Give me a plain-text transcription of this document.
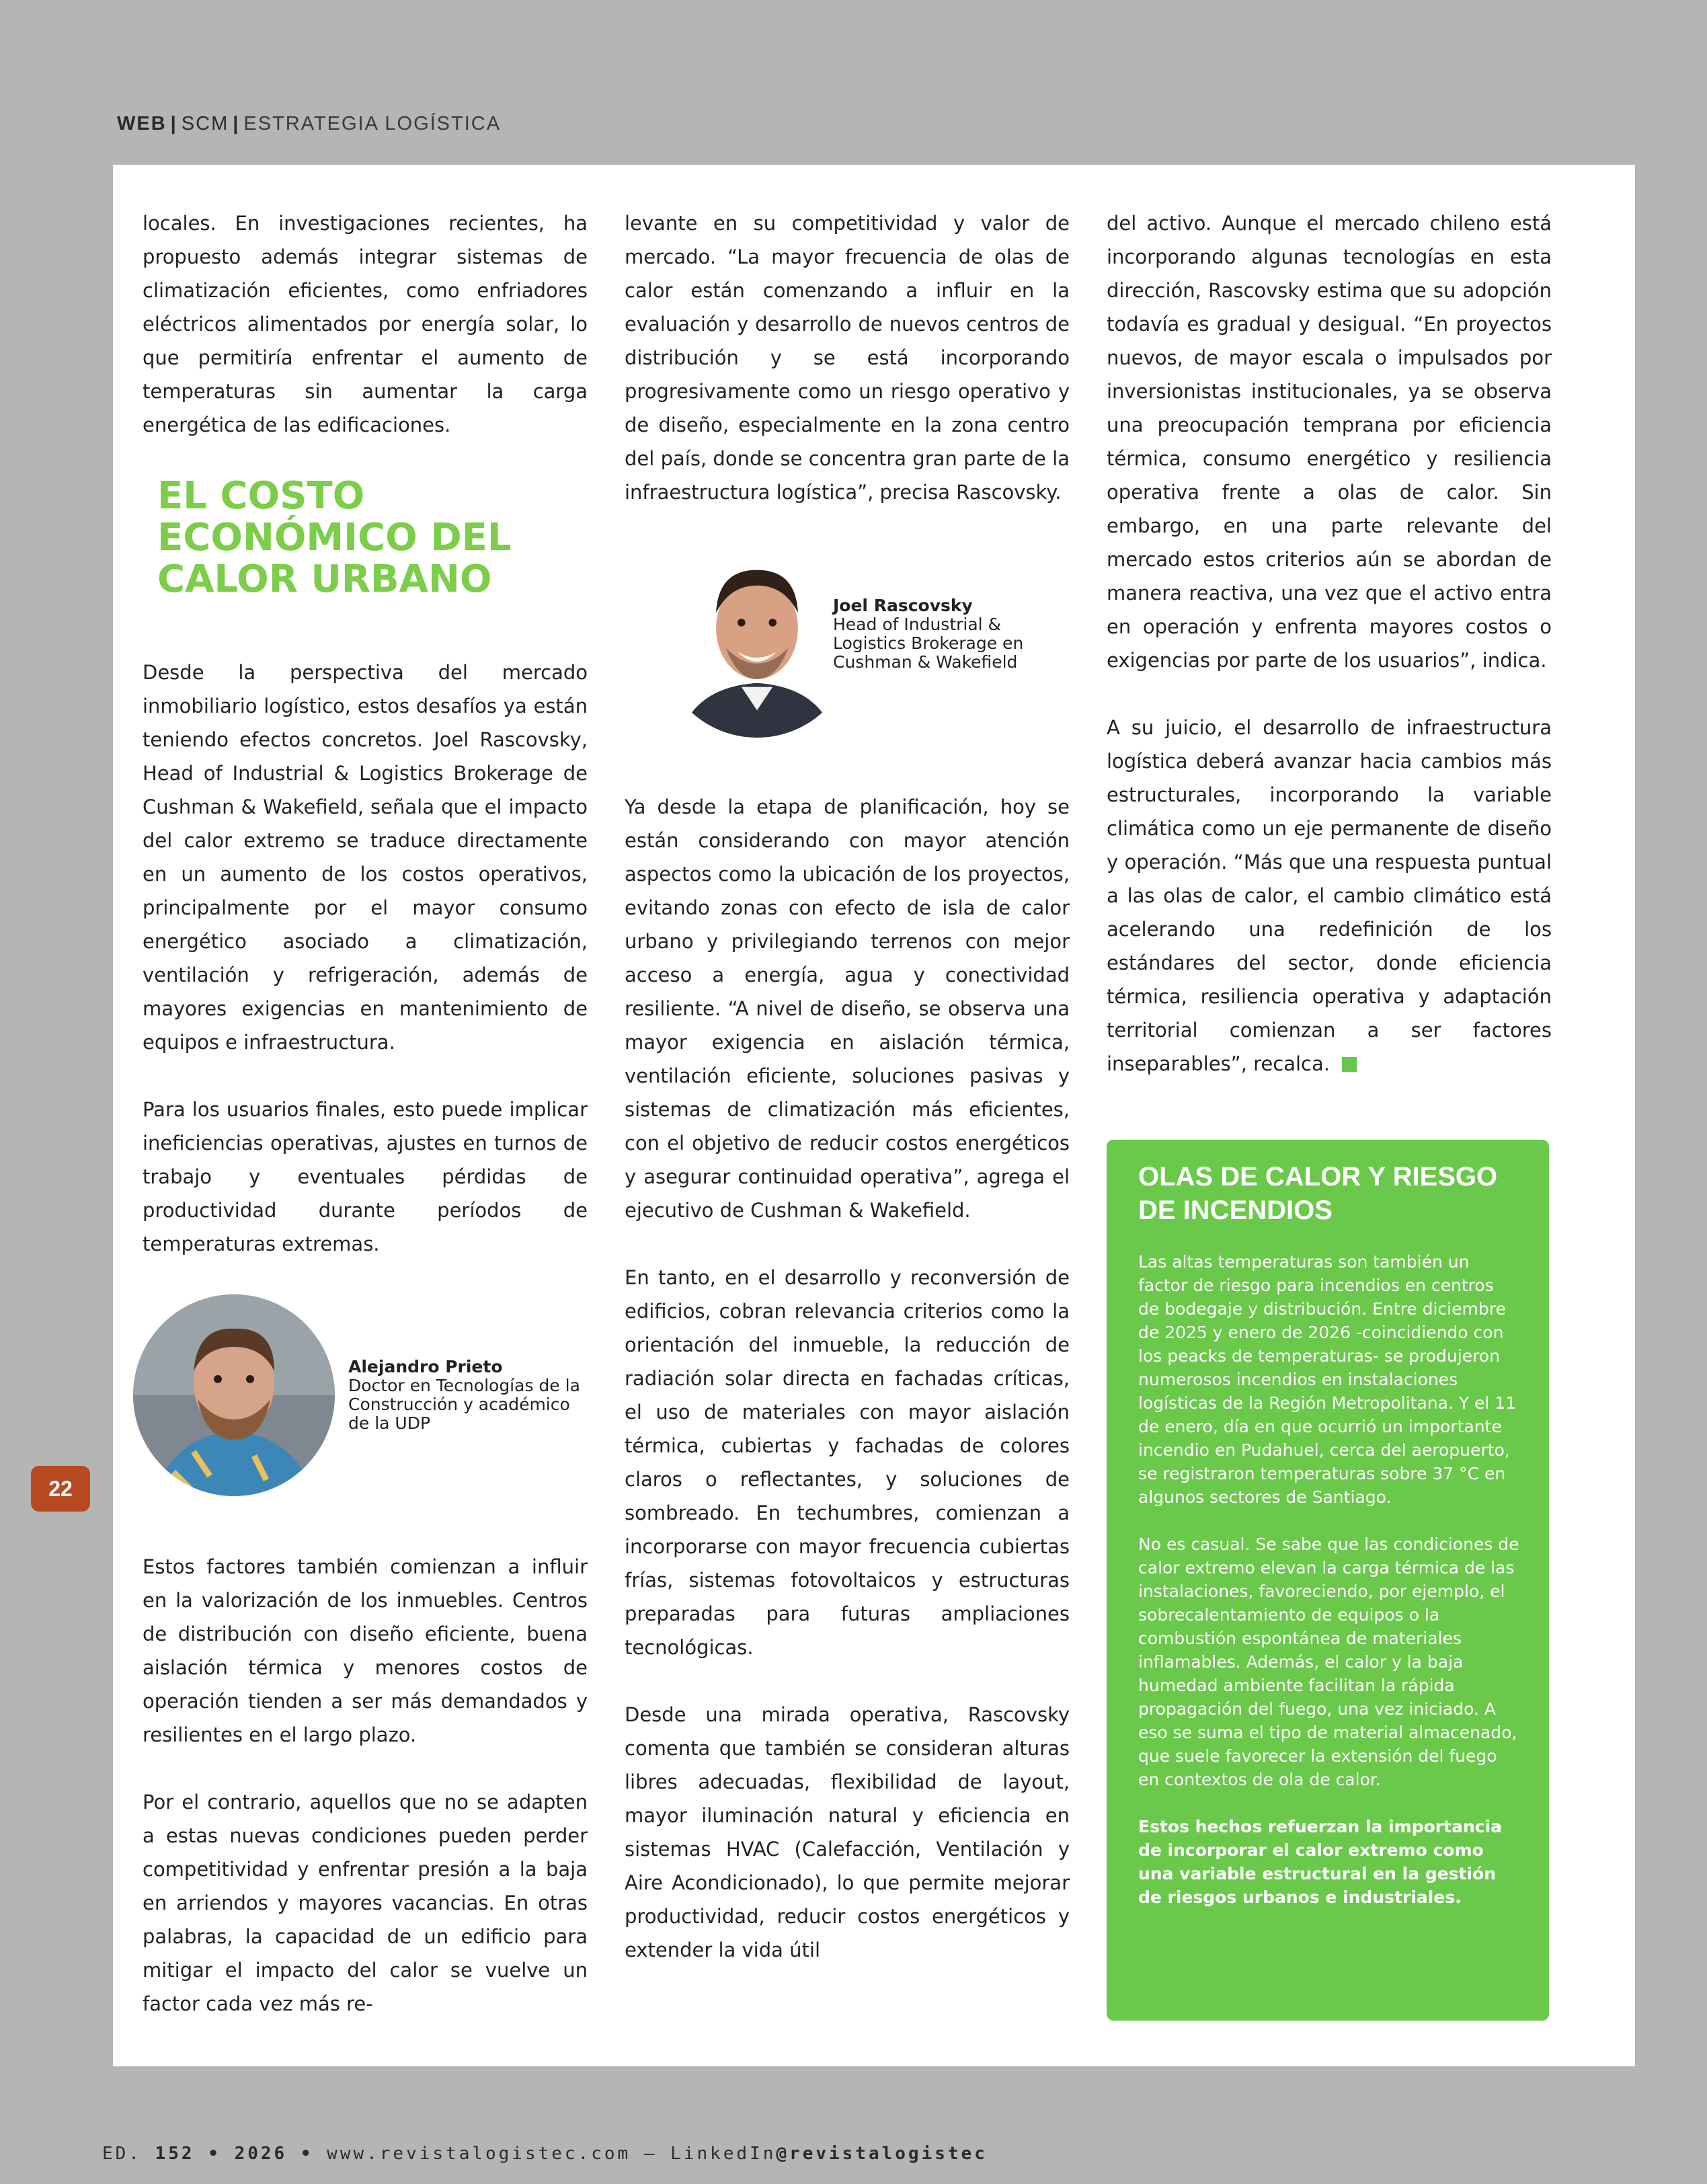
WEB | SCM | ESTRATEGIA LOGÍSTICA
22

locales. En investigaciones recientes, ha propuesto además integrar sistemas de climatización eficientes, como enfriadores eléctricos alimentados por energía solar, lo que permitiría enfrentar el aumento de temperaturas sin aumentar la carga energética de las edificaciones.

EL COSTO ECONÓMICO DEL CALOR URBANO

Desde la perspectiva del mercado inmobiliario logístico, estos desafíos ya están teniendo efectos concretos. Joel Rascovsky, Head of Industrial & Logistics Brokerage de Cushman & Wakefield, señala que el impacto del calor extremo se traduce directamente en un aumento de los costos operativos, principalmente por el mayor consumo energético asociado a climatización, ventilación y refrigeración, además de mayores exigencias en mantenimiento de equipos e infraestructura.

Para los usuarios finales, esto puede implicar ineficiencias operativas, ajustes en turnos de trabajo y eventuales pérdidas de productividad durante períodos de temperaturas extremas.

Alejandro Prieto
Doctor en Tecnologías de la
Construcción y académico
de la UDP

Estos factores también comienzan a influir en la valorización de los inmuebles. Centros de distribución con diseño eficiente, buena aislación térmica y menores costos de operación tienden a ser más demandados y resilientes en el largo plazo.

Por el contrario, aquellos que no se adapten a estas nuevas condiciones pueden perder competitividad y enfrentar presión a la baja en arriendos y mayores vacancias. En otras palabras, la capacidad de un edificio para mitigar el impacto del calor se vuelve un factor cada vez más re-

levante en su competitividad y valor de mercado. “La mayor frecuencia de olas de calor están comenzando a influir en la evaluación y desarrollo de nuevos centros de distribución y se está incorporando progresivamente como un riesgo operativo y de diseño, especialmente en la zona centro del país, donde se concentra gran parte de la infraestructura logística”, precisa Rascovsky.

Joel Rascovsky
Head of Industrial &
Logistics Brokerage en
Cushman & Wakefield

Ya desde la etapa de planificación, hoy se están considerando con mayor atención aspectos como la ubicación de los proyectos, evitando zonas con efecto de isla de calor urbano y privilegiando terrenos con mejor acceso a energía, agua y conectividad resiliente. “A nivel de diseño, se observa una mayor exigencia en aislación térmica, ventilación eficiente, soluciones pasivas y sistemas de climatización más eficientes, con el objetivo de reducir costos energéticos y asegurar continuidad operativa”, agrega el ejecutivo de Cushman & Wakefield.

En tanto, en el desarrollo y reconversión de edificios, cobran relevancia criterios como la orientación del inmueble, la reducción de radiación solar directa en fachadas críticas, el uso de materiales con mayor aislación térmica, cubiertas y fachadas de colores claros o reflectantes, y soluciones de sombreado. En techumbres, comienzan a incorporarse con mayor frecuencia cubiertas frías, sistemas fotovoltaicos y estructuras preparadas para futuras ampliaciones tecnológicas.

Desde una mirada operativa, Rascovsky comenta que también se consideran alturas libres adecuadas, flexibilidad de layout, mayor iluminación natural y eficiencia en sistemas HVAC (Calefacción, Ventilación y Aire Acondicionado), lo que permite mejorar productividad, reducir costos energéticos y extender la vida útil

del activo. Aunque el mercado chileno está incorporando algunas tecnologías en esta dirección, Rascovsky estima que su adopción todavía es gradual y desigual. “En proyectos nuevos, de mayor escala o impulsados por inversionistas institucionales, ya se observa una preocupación temprana por eficiencia térmica, consumo energético y resiliencia operativa frente a olas de calor. Sin embargo, en una parte relevante del mercado estos criterios aún se abordan de manera reactiva, una vez que el activo entra en operación y enfrenta mayores costos o exigencias por parte de los usuarios”, indica.

A su juicio, el desarrollo de infraestructura logística deberá avanzar hacia cambios más estructurales, incorporando la variable climática como un eje permanente de diseño y operación. “Más que una respuesta puntual a las olas de calor, el cambio climático está acelerando una redefinición de los estándares del sector, donde eficiencia térmica, resiliencia operativa y adaptación territorial comienzan a ser factores inseparables”, recalca.

OLAS DE CALOR Y RIESGO DE INCENDIOS

Las altas temperaturas son también un factor de riesgo para incendios en centros de bodegaje y distribución. Entre diciembre de 2025 y enero de 2026 -coincidiendo con los peacks de temperaturas- se produjeron numerosos incendios en instalaciones logísticas de la Región Metropolitana. Y el 11 de enero, día en que ocurrió un importante incendio en Pudahuel, cerca del aeropuerto, se registraron temperaturas sobre 37 °C en algunos sectores de Santiago.

No es casual. Se sabe que las condiciones de calor extremo elevan la carga térmica de las instalaciones, favoreciendo, por ejemplo, el sobrecalentamiento de equipos o la combustión espontánea de materiales inflamables. Además, el calor y la baja humedad ambiente facilitan la rápida propagación del fuego, una vez iniciado. A eso se suma el tipo de material almacenado, que suele favorecer la extensión del fuego en contextos de ola de calor.

Estos hechos refuerzan la importancia de incorporar el calor extremo como una variable estructural en la gestión de riesgos urbanos e industriales.

ED. 152 • 2026 • www.revistalogistec.com – LinkedIn@revistalogistec
